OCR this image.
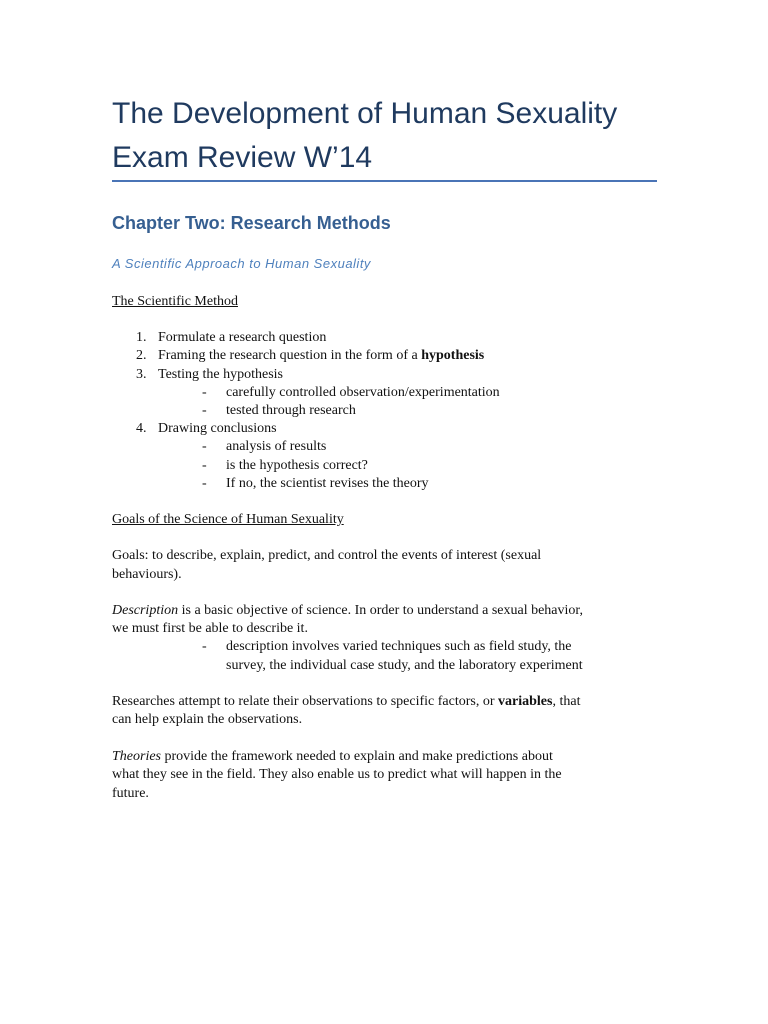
The Development of Human Sexuality
Exam Review W’14
Chapter Two: Research Methods
A Scientific Approach to Human Sexuality
The Scientific Method
1. Formulate a research question
2. Framing the research question in the form of a hypothesis
3. Testing the hypothesis
- carefully controlled observation/experimentation
- tested through research
4. Drawing conclusions
- analysis of results
- is the hypothesis correct?
- If no, the scientist revises the theory
Goals of the Science of Human Sexuality
Goals: to describe, explain, predict, and control the events of interest (sexual
behaviours).
Description is a basic objective of science. In order to understand a sexual behavior,
we must first be able to describe it.
- description involves varied techniques such as field study, the
survey, the individual case study, and the laboratory experiment
Researches attempt to relate their observations to specific factors, or variables, that
can help explain the observations.
Theories provide the framework needed to explain and make predictions about
what they see in the field. They also enable us to predict what will happen in the
future.
